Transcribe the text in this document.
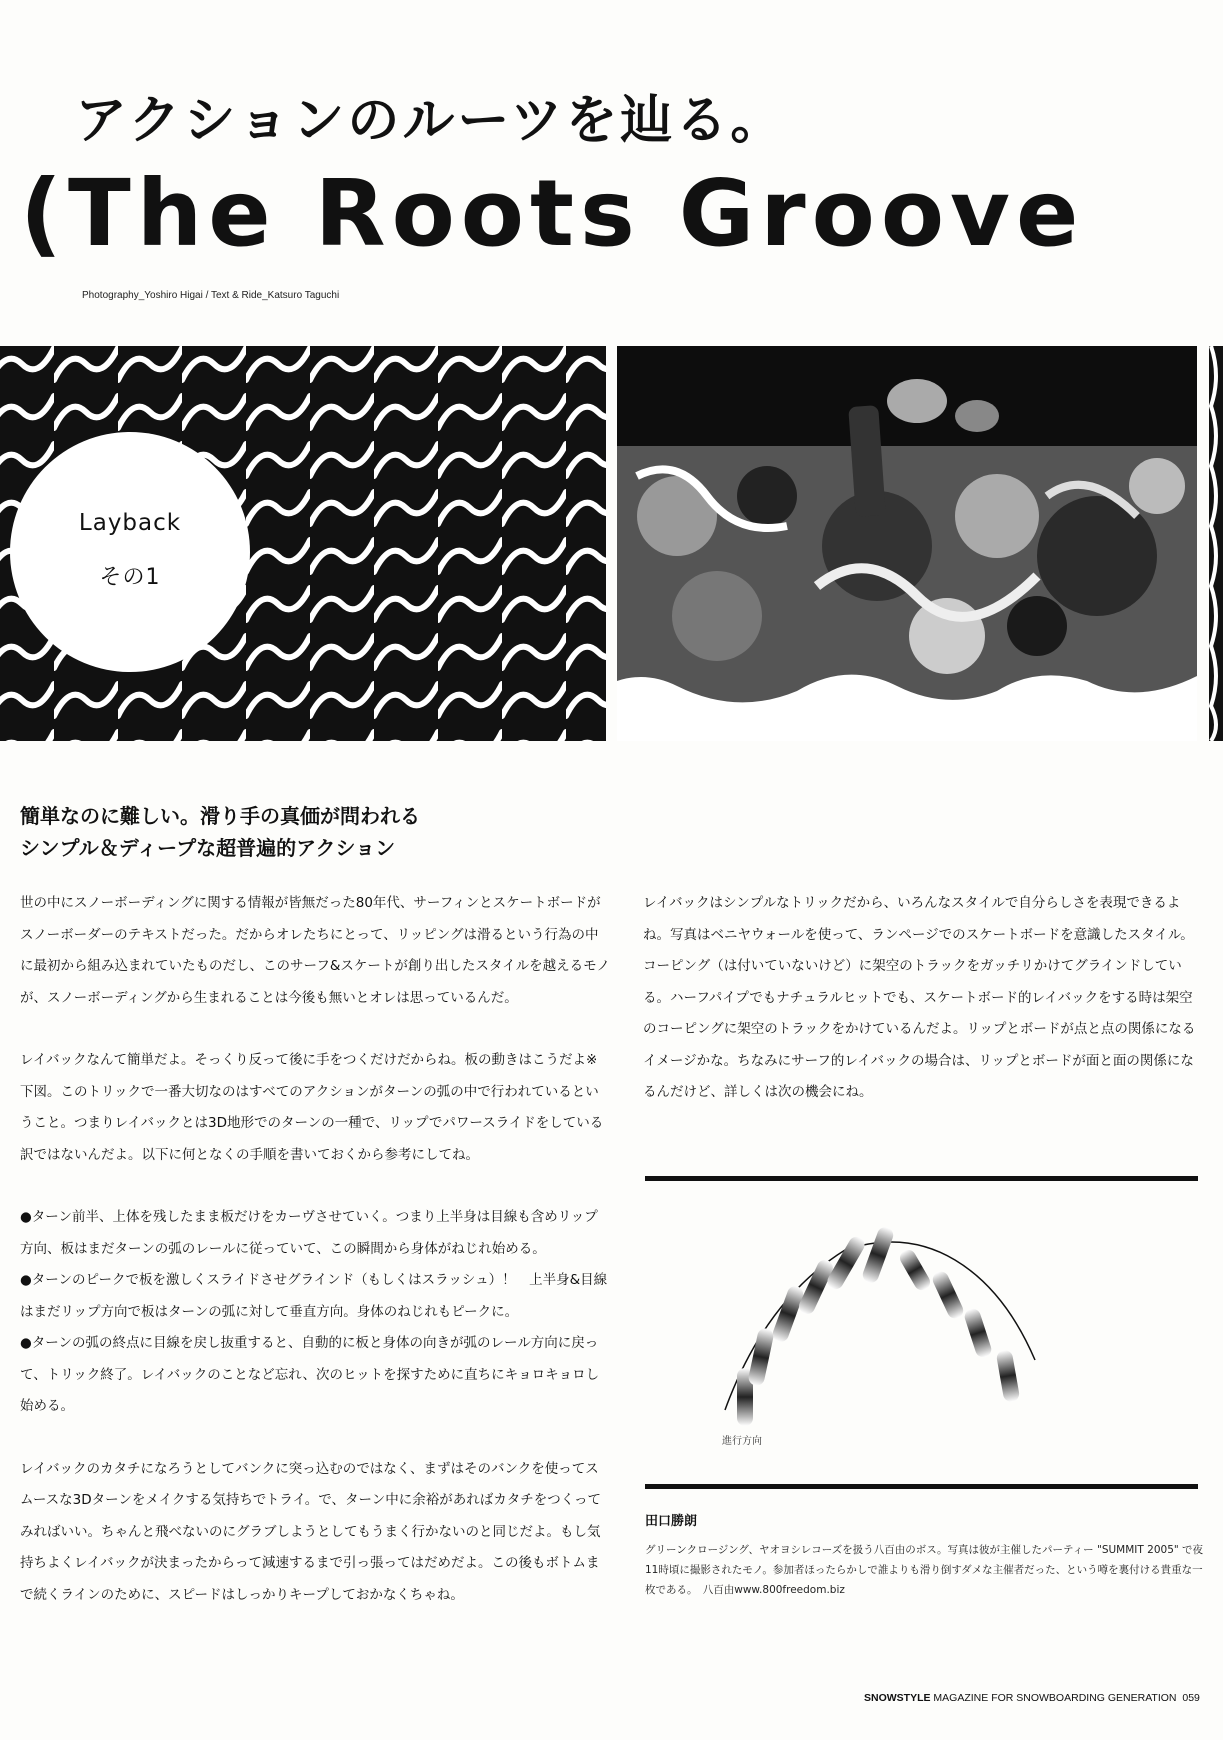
アクションのルーツを辿る。
(The Roots Groove
Photography_Yoshiro Higai / Text & Ride_Katsuro Taguchi
Layback
その1
簡単なのに難しい。滑り手の真価が問われる
シンプル＆ディープな超普遍的アクション

世の中にスノーボーディングに関する情報が皆無だった80年代、サーフィンとスケートボードがスノーボーダーのテキストだった。だからオレたちにとって、リッピングは滑るという行為の中に最初から組み込まれていたものだし、このサーフ&スケートが創り出したスタイルを越えるモノが、スノーボーディングから生まれることは今後も無いとオレは思っているんだ。

レイバックなんて簡単だよ。そっくり反って後に手をつくだけだからね。板の動きはこうだよ※下図。このトリックで一番大切なのはすべてのアクションがターンの弧の中で行われているということ。つまりレイバックとは3D地形でのターンの一種で、リップでパワースライドをしている訳ではないんだよ。以下に何となくの手順を書いておくから参考にしてね。

●ターン前半、上体を残したまま板だけをカーヴさせていく。つまり上半身は目線も含めリップ方向、板はまだターンの弧のレールに従っていて、この瞬間から身体がねじれ始める。
●ターンのピークで板を激しくスライドさせグラインド（もしくはスラッシュ）！　上半身&目線はまだリップ方向で板はターンの弧に対して垂直方向。身体のねじれもピークに。
●ターンの弧の終点に目線を戻し抜重すると、自動的に板と身体の向きが弧のレール方向に戻って、トリック終了。レイバックのことなど忘れ、次のヒットを探すために直ちにキョロキョロし始める。

レイバックのカタチになろうとしてバンクに突っ込むのではなく、まずはそのバンクを使ってスムースな3Dターンをメイクする気持ちでトライ。で、ターン中に余裕があればカタチをつくってみればいい。ちゃんと飛べないのにグラブしようとしてもうまく行かないのと同じだよ。もし気持ちよくレイバックが決まったからって減速するまで引っ張ってはだめだよ。この後もボトムまで続くラインのために、スピードはしっかりキープしておかなくちゃね。

レイバックはシンプルなトリックだから、いろんなスタイルで自分らしさを表現できるよね。写真はベニヤウォールを使って、ランページでのスケートボードを意識したスタイル。コーピング（は付いていないけど）に架空のトラックをガッチリかけてグラインドしている。ハーフパイプでもナチュラルヒットでも、スケートボード的レイバックをする時は架空のコーピングに架空のトラックをかけているんだよ。リップとボードが点と点の関係になるイメージかな。ちなみにサーフ的レイバックの場合は、リップとボードが面と面の関係になるんだけど、詳しくは次の機会にね。

進行方向
田口勝朗
グリーンクロージング、ヤオヨシレコーズを扱う八百由のボス。写真は彼が主催したパーティー "SUMMIT 2005" で夜11時頃に撮影されたモノ。参加者ほったらかしで誰よりも滑り倒すダメな主催者だった、という噂を裏付ける貴重な一枚である。　八百由www.800freedom.biz
SNOWSTYLE MAGAZINE FOR SNOWBOARDING GENERATION 059
